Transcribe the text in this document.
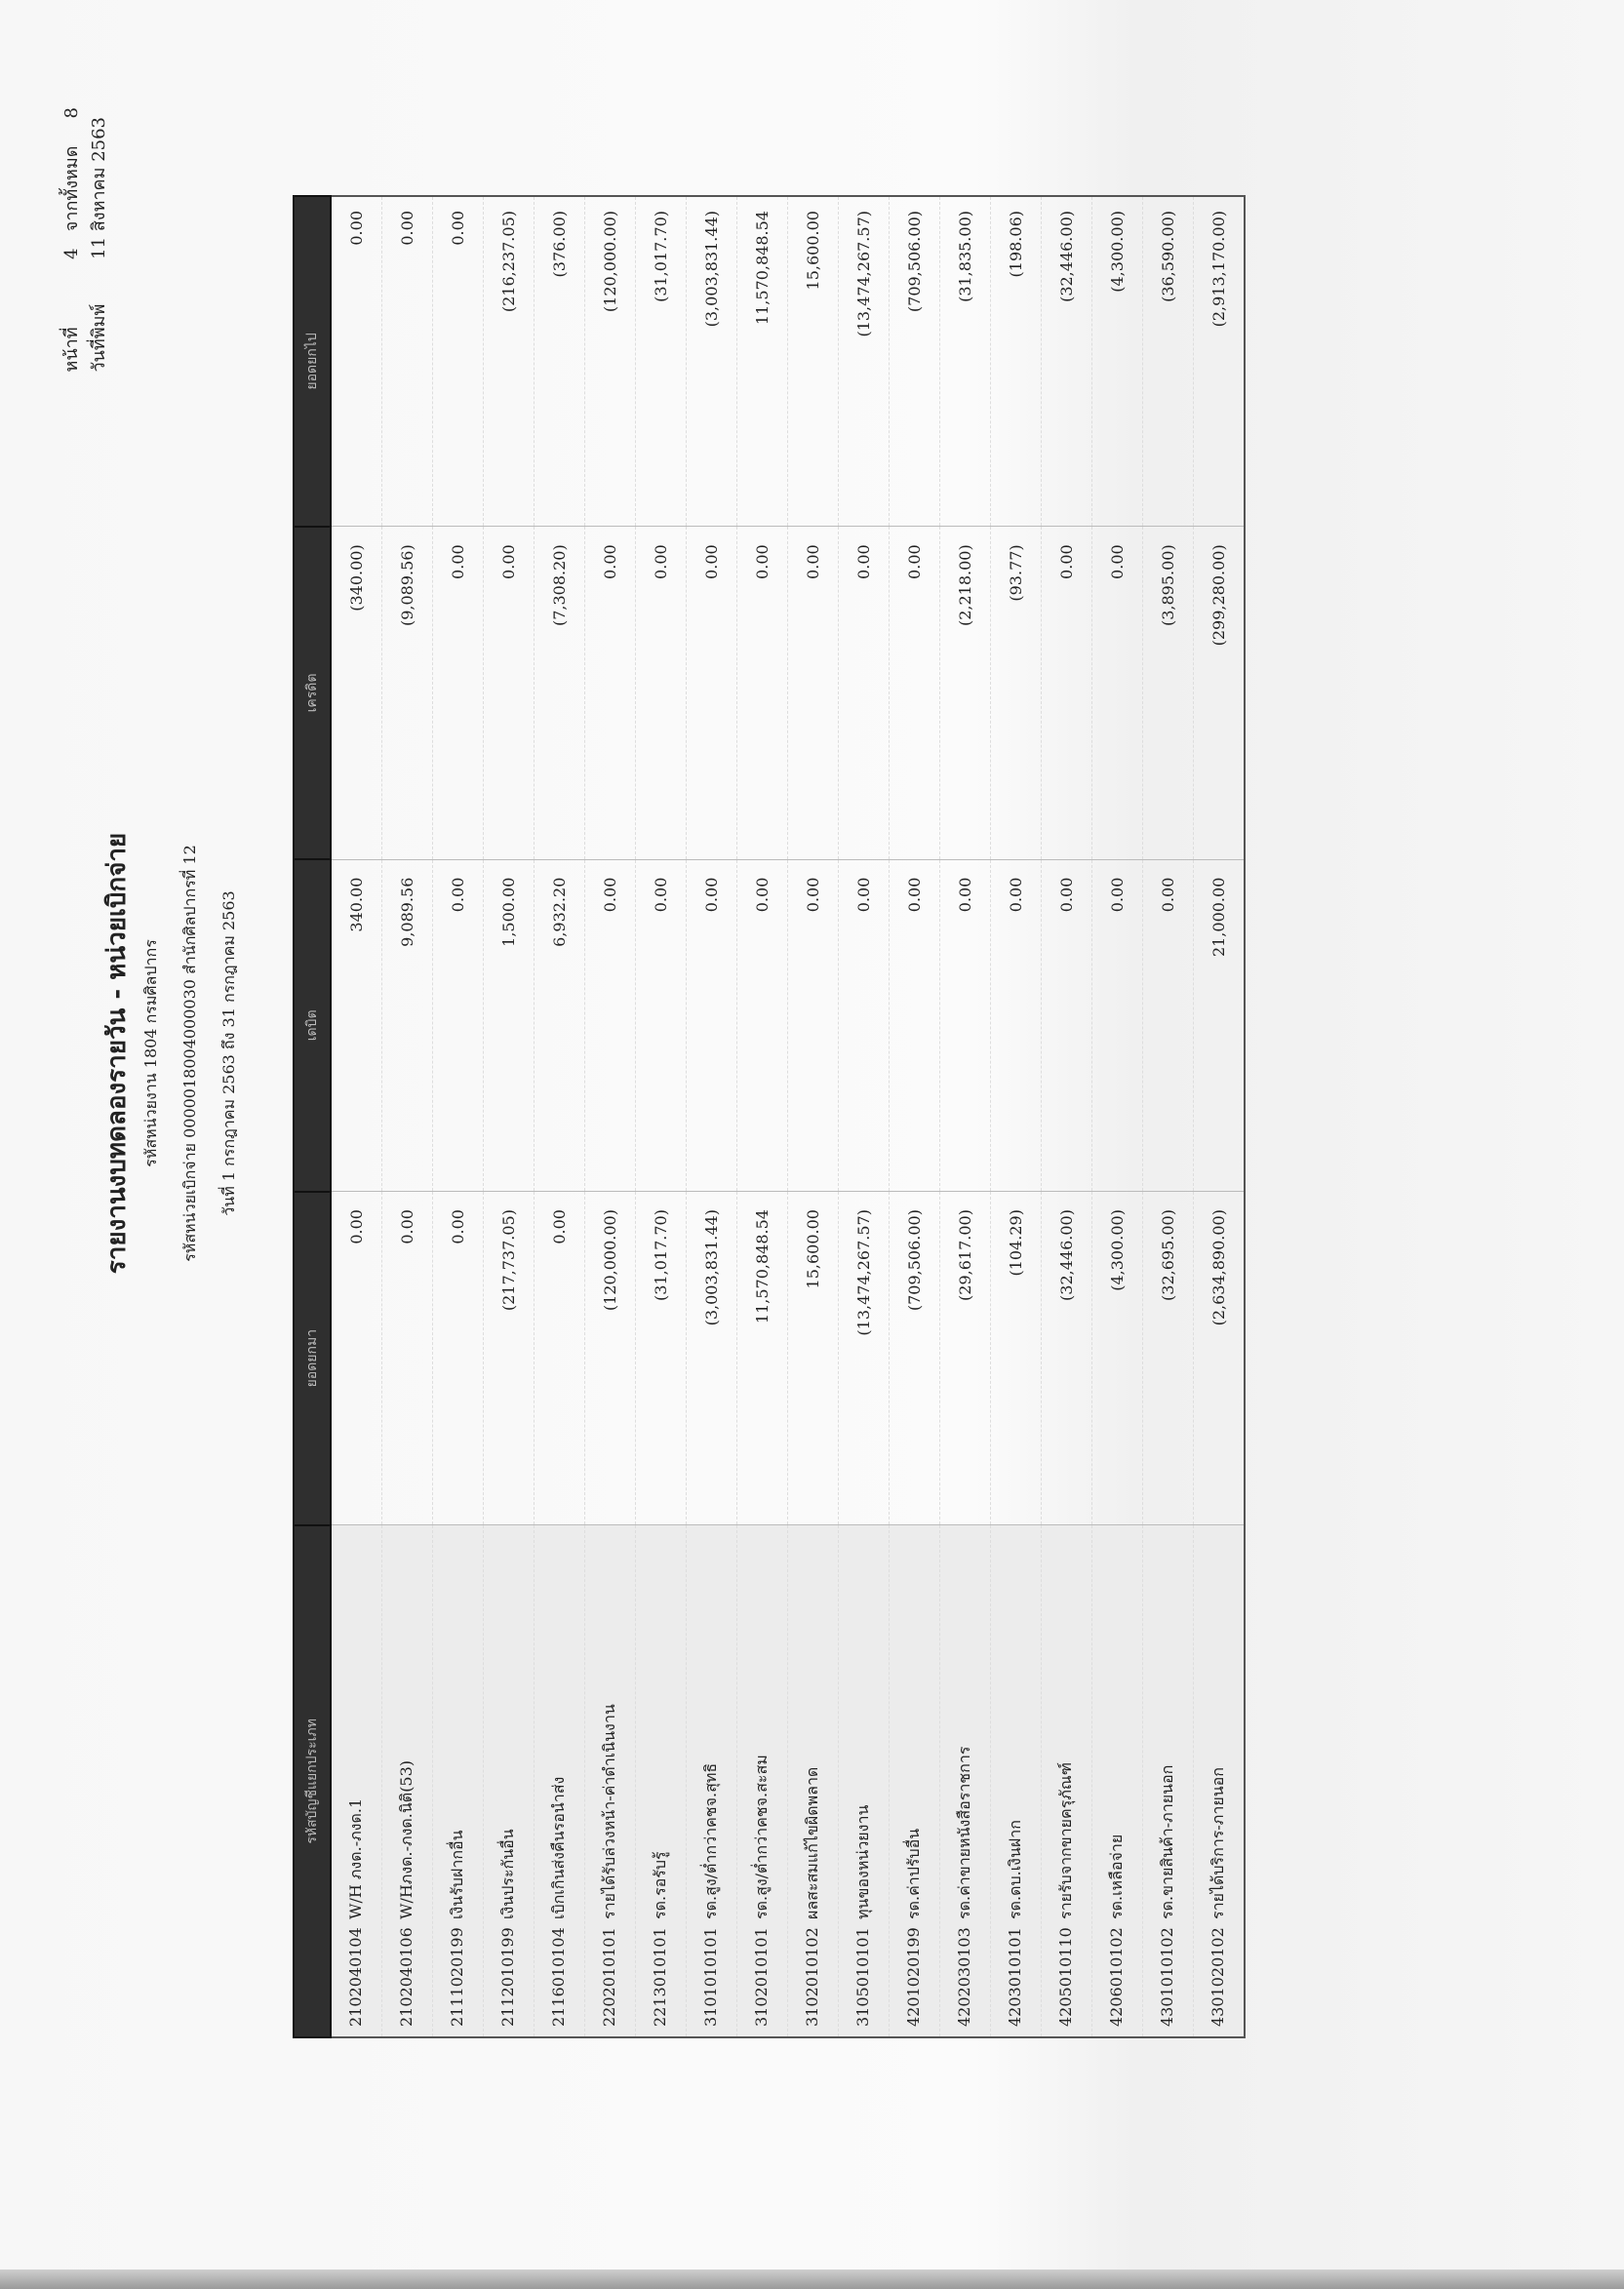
หน้าที่ 4   จากทั้งหมด 8
วันที่พิมพ์ 11 สิงหาคม 2563
รายงานงบทดลองรายวัน - หน่วยเบิกจ่าย รหัสหน่วยงาน 1804 กรมศิลปากร	รหัสหน่วยเบิกจ่าย 0000018004000030 สำนักศิลปากรที่ 12	วันที่ 1 กรกฎาคม 2563 ถึง 31 กรกฎาคม 2563
รหัสบัญชีแยกประเภท	ยอดยกมา	เดบิต	เครดิต	ยอดยกไป
2102040104W/H ภงด.-ภงด.1	0.00	340.00	(340.00)	0.00
2102040106W/Hภงด.-ภงด.นิติ(53)	0.00	9,089.56	(9,089.56)	0.00
2111020199เงินรับฝากอื่น	0.00	0.00	0.00	0.00
2112010199เงินประกันอื่น	(217,737.05)	1,500.00	0.00	(216,237.05)
2116010104เบิกเกินส่งคืนรอนำส่ง	0.00	6,932.20	(7,308.20)	(376.00)
2202010101รายได้รับล่วงหน้า-ค่าดำเนินงาน	(120,000.00)	0.00	0.00	(120,000.00)
2213010101รด.รอรับรู้	(31,017.70)	0.00	0.00	(31,017.70)
3101010101รด.สูง/ต่ำกว่าคชจ.สุทธิ	(3,003,831.44)	0.00	0.00	(3,003,831.44)
3102010101รด.สูง/ต่ำกว่าคชจ.สะสม	11,570,848.54	0.00	0.00	11,570,848.54
3102010102ผลสะสมแก้ไขผิดพลาด	15,600.00	0.00	0.00	15,600.00
3105010101ทุนของหน่วยงาน	(13,474,267.57)	0.00	0.00	(13,474,267.57)
4201020199รด.ค่าปรับอื่น	(709,506.00)	0.00	0.00	(709,506.00)
4202030103รด.ค่าขายหนังสือราชการ	(29,617.00)	0.00	(2,218.00)	(31,835.00)
4203010101รด.ดบ.เงินฝาก	(104.29)	0.00	(93.77)	(198.06)
4205010110รายรับจากขายครุภัณฑ์	(32,446.00)	0.00	0.00	(32,446.00)
4206010102รด.เหลือจ่าย	(4,300.00)	0.00	0.00	(4,300.00)
4301010102รด.ขายสินค้า-ภายนอก	(32,695.00)	0.00	(3,895.00)	(36,590.00)
4301020102รายได้บริการ-ภายนอก	(2,634,890.00)	21,000.00	(299,280.00)	(2,913,170.00)
